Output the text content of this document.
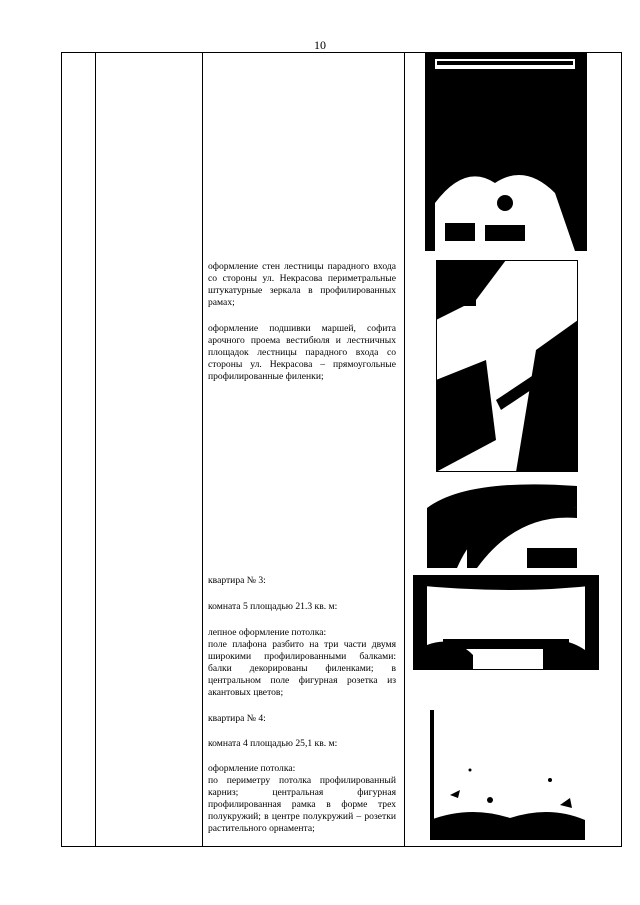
10
оформление стен лестницы парадного входа со стороны ул. Некрасова периметральные штукатурные зеркала в профилированных рамах;
оформление подшивки маршей, софита арочного проема вестибюля и лестничных площадок лестницы парадного входа со стороны ул. Некрасова – прямоугольные профилированные филенки;
квартира № 3:
комната 5 площадью 21.3 кв. м:
лепное оформление потолка:
поле плафона разбито на три части двумя широкими профилированными балками: балки декорированы филенками; в центральном поле фигурная розетка из акантовых цветов;
квартира № 4:
комната 4 площадью 25,1 кв. м:
оформление потолка:
по периметру потолка профилированный карниз; центральная фигурная профилированная рамка в форме трех полукружий; в центре полукружий – розетки растительного орнамента;
